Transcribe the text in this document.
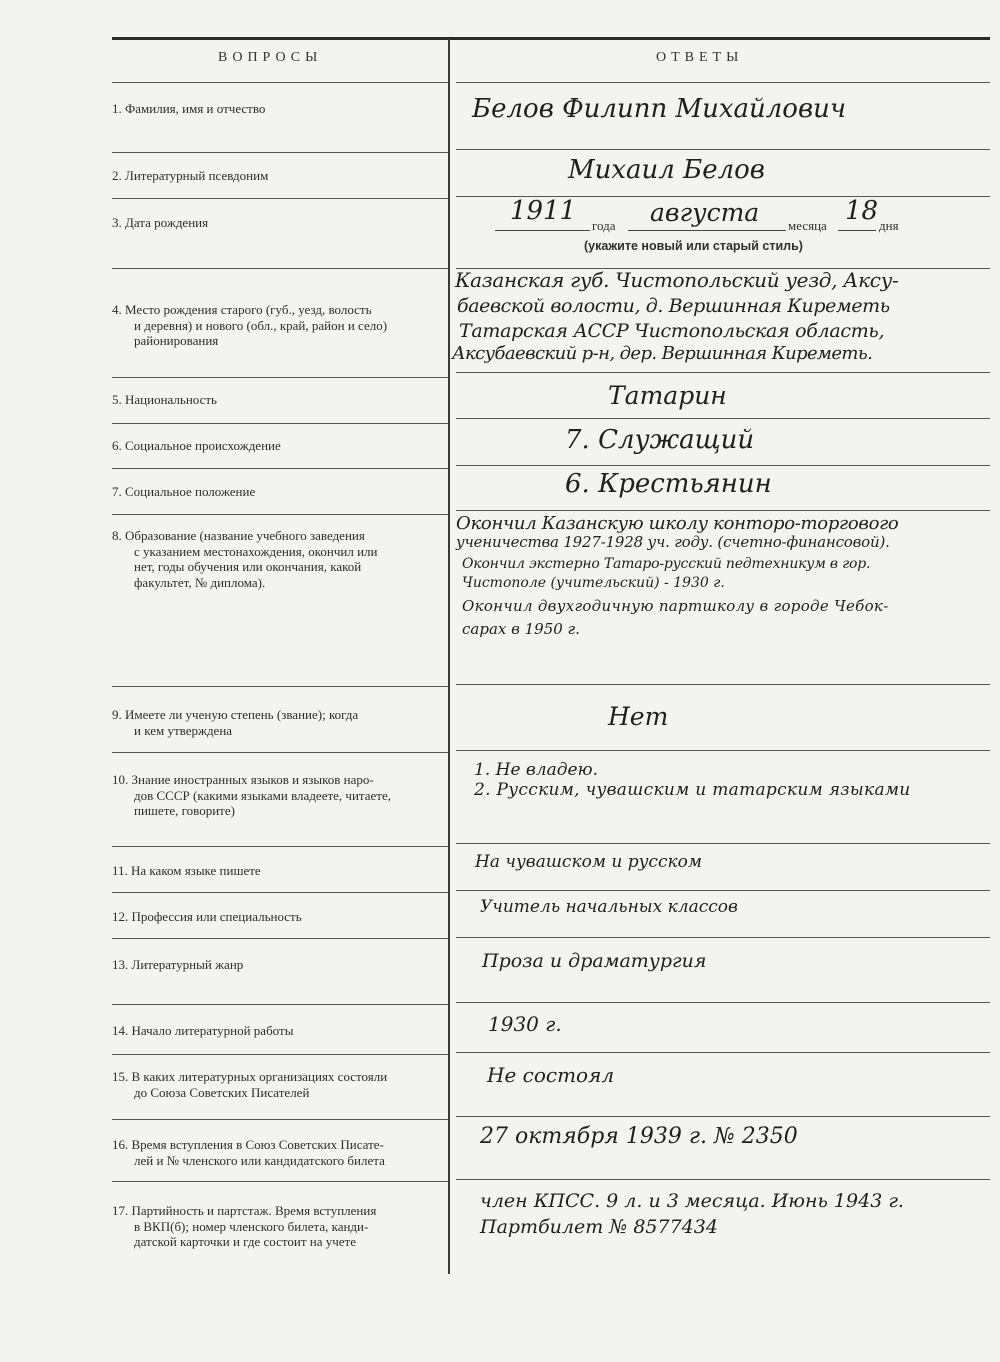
ВОПРОСЫ	ОТВЕТЫ
1. Фамилия, имя и отчество
2. Литературный псевдоним
3. Дата рождения
4. Место рождения старого (губ., уезд, волость

и деревня) и нового (обл., край, район и село)
районирования
5. Национальность
6. Социальное происхождение
7. Социальное положение
8. Образование (название учебного заведения

с указанием местонахождения, окончил или
нет, годы обучения или окончания, какой
факультет, № диплома).
9. Имеете ли ученую степень (звание); когда

и кем утверждена
10. Знание иностранных языков и языков наро-

дов СССР (какими языками владеете, читаете,
пишете, говорите)
11. На каком языке пишете
12. Профессия или специальность
13. Литературный жанр
14. Начало литературной работы
15. В каких литературных организациях состояли

до Союза Советских Писателей
16. Время вступления в Союз Советских Писате-

лей и № членского или кандидатского билета
17. Партийность и партстаж. Время вступления

в ВКП(б); номер членского билета, канди-
датской карточки и где состоит на учете
Белов Филипп Михайлович
Михаил Белов
1911 года августа месяца 18 дня
(укажите новый или старый стиль)
Казанская губ. Чистопольский уезд, Аксу-
баевской волости, д. Вершинная Киреметь
Татарская АССР Чистопольская область,
Аксубаевский р-н, дер. Вершинная Киреметь.
Татарин
7. Служащий
6. Крестьянин
Окончил Казанскую школу конторо-торгового
ученичества 1927-1928 уч. году. (счетно-финансовой).
Окончил экстерно Татаро-русский педтехникум в гор.
Чистополе (учительский) - 1930 г.
Окончил двухгодичную партшколу в городе Чебок-
сарах в 1950 г.
Нет
1. Не владею.
2. Русским, чувашским и татарским языками
На чувашском и русском
Учитель начальных классов
Проза и драматургия
1930 г.
Не состоял
27 октября 1939 г. № 2350
член КПСС. 9 л. и 3 месяца. Июнь 1943 г.
Партбилет № 8577434
